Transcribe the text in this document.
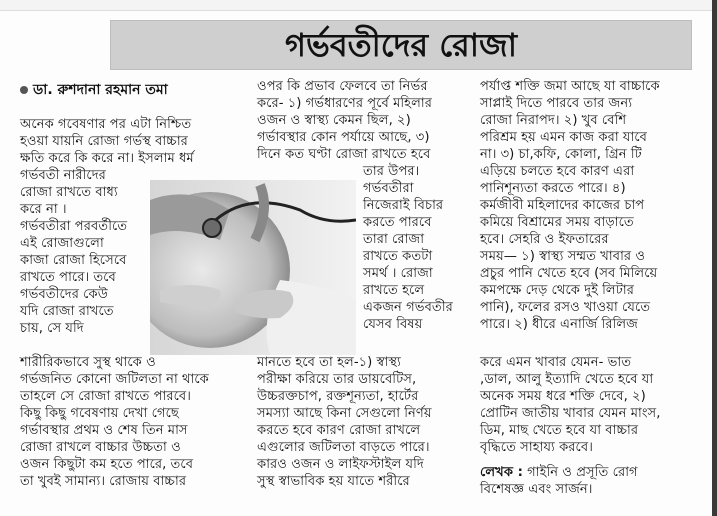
গর্ভবতীদের রোজা
ডা. রুশদানা রহমান তমা
অনেক গবেষণার পর এটা নিশ্চিত
হওয়া যায়নি রোজা গর্ভস্থ বাচ্চার
ক্ষতি করে কি করে না। ইসলাম ধর্ম
গর্ভবতী নারীদের
রোজা রাখতে বাধ্য
করে না ।
গর্ভবতীরা পরবর্তীতে
এই রোজাগুলো
কাজা রোজা হিসেবে
রাখতে পারে। তবে
গর্ভবতীদের কেউ
যদি রোজা রাখতে
চায়, সে যদি
শারীরিকভাবে সুস্থ থাকে ও
গর্ভজনিত কোনো জটিলতা না থাকে
তাহলে সে রোজা রাখতে পারবে।
কিছু কিছু গবেষণায় দেখা গেছে
গর্ভাবস্থার প্রথম ও শেষ তিন মাস
রোজা রাখলে বাচ্চার উচ্চতা ও
ওজন কিছুটা কম হতে পারে, তবে
তা খুবই সামান্য। রোজায় বাচ্চার
ওপর কি প্রভাব ফেলবে তা নির্ভর
করে- ১) গর্ভধারণের পূর্বে মহিলার
ওজন ও স্বাস্থ্য কেমন ছিল, ২)
গর্ভাবস্থার কোন পর্যায়ে আছে, ৩)
দিনে কত ঘণ্টা রোজা রাখতে হবে
তার উপর।
গর্ভবতীরা
নিজেরাই বিচার
করতে পারবে
তারা রোজা
রাখতে কতটা
সমর্থ । রোজা
রাখতে হলে
একজন গর্ভবতীর
যেসব বিষয়
মানতে হবে তা হল-১) স্বাস্থ্য
পরীক্ষা করিয়ে তার ডায়বেটিস,
উচ্চরক্তচাপ, রক্তশূন্যতা, হার্টের
সমস্যা আছে কিনা সেগুলো নির্ণয়
করতে হবে কারণ রোজা রাখলে
এগুলোর জটিলতা বাড়তে পারে।
কারও ওজন ও লাইফস্টাইল যদি
সুস্থ স্বাভাবিক হয় যাতে শরীরে
পর্যাপ্ত শক্তি জমা আছে যা বাচ্চাকে
সাপ্লাই দিতে পারবে তার জন্য
রোজা নিরাপদ। ২) খুব বেশি
পরিশ্রম হয় এমন কাজ করা যাবে
না। ৩) চা,কফি, কোলা, গ্রিন টি
এড়িয়ে চলতে হবে কারণ এরা
পানিশূন্যতা করতে পারে। ৪)
কর্মজীবী মহিলাদের কাজের চাপ
কমিয়ে বিশ্রামের সময় বাড়াতে
হবে। সেহরি ও ইফতারের
সময়— ১) স্বাস্থ্য সম্মত খাবার ও
প্রচুর পানি খেতে হবে (সব মিলিয়ে
কমপক্ষে দেড় থেকে দুই লিটার
পানি), ফলের রসও খাওয়া যেতে
পারে। ২) ধীরে এনার্জি রিলিজ
করে এমন খাবার যেমন- ভাত
,ডাল, আলু ইত্যাদি খেতে হবে যা
অনেক সময় ধরে শক্তি দেবে, ২)
প্রোটিন জাতীয় খাবার যেমন মাংস,
ডিম, মাছ খেতে হবে যা বাচ্চার
বৃদ্ধিতে সাহায্য করবে।
লেখক : গাইনি ও প্রসূতি রোগ
বিশেষজ্ঞ এবং সার্জন।
